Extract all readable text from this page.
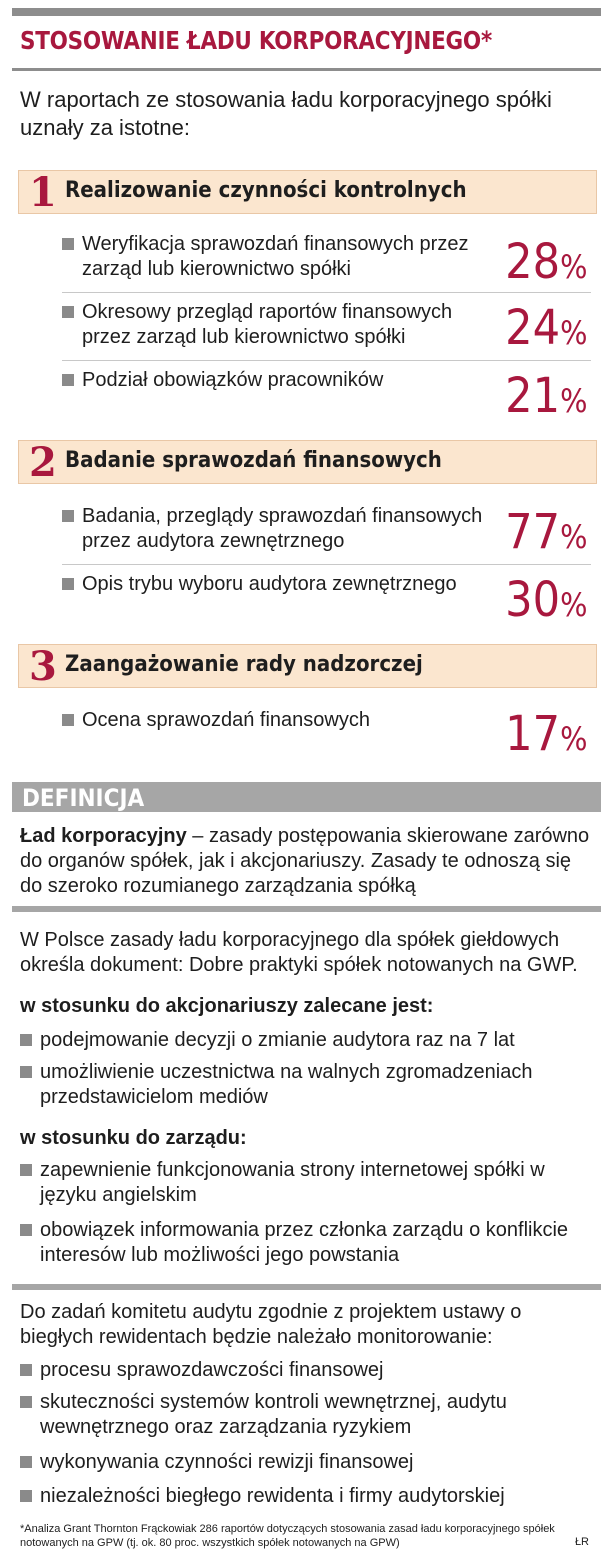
STOSOWANIE ŁADU KORPORACYJNEGO*
W raportach ze stosowania ładu korporacyjnego spółki uznały za istotne:
1 Realizowanie czynności kontrolnych
Weryfikacja sprawozdań finansowych przez zarząd lub kierownictwo spółki	28%
Okresowy przegląd raportów finansowych przez zarząd lub kierownictwo spółki	24%
Podział obowiązków pracowników	21%
2 Badanie sprawozdań finansowych
Badania, przeglądy sprawozdań finansowych przez audytora zewnętrznego	77%
Opis trybu wyboru audytora zewnętrznego	30%
3 Zaangażowanie rady nadzorczej
Ocena sprawozdań finansowych	17%
DEFINICJA
Ład korporacyjny – zasady postępowania skierowane zarówno do organów spółek, jak i akcjonariuszy. Zasady te odnoszą się do szeroko rozumianego zarządzania spółką
W Polsce zasady ładu korporacyjnego dla spółek giełdowych określa dokument: Dobre praktyki spółek notowanych na GWP.
w stosunku do akcjonariuszy zalecane jest:
podejmowanie decyzji o zmianie audytora raz na 7 lat
umożliwienie uczestnictwa na walnych zgromadzeniach przedstawicielom mediów
w stosunku do zarządu:
zapewnienie funkcjonowania strony internetowej spółki w języku angielskim
obowiązek informowania przez członka zarządu o konflikcie interesów lub możliwości jego powstania
Do zadań komitetu audytu zgodnie z projektem ustawy o biegłych rewidentach będzie należało monitorowanie:
procesu sprawozdawczości finansowej
skuteczności systemów kontroli wewnętrznej, audytu wewnętrznego oraz zarządzania ryzykiem
wykonywania czynności rewizji finansowej
niezależności biegłego rewidenta i firmy audytorskiej
*Analiza Grant Thornton Frąckowiak 286 raportów dotyczących stosowania zasad ładu korporacyjnego spółek notowanych na GPW (tj. ok. 80 proc. wszystkich spółek notowanych na GPW)	ŁR
